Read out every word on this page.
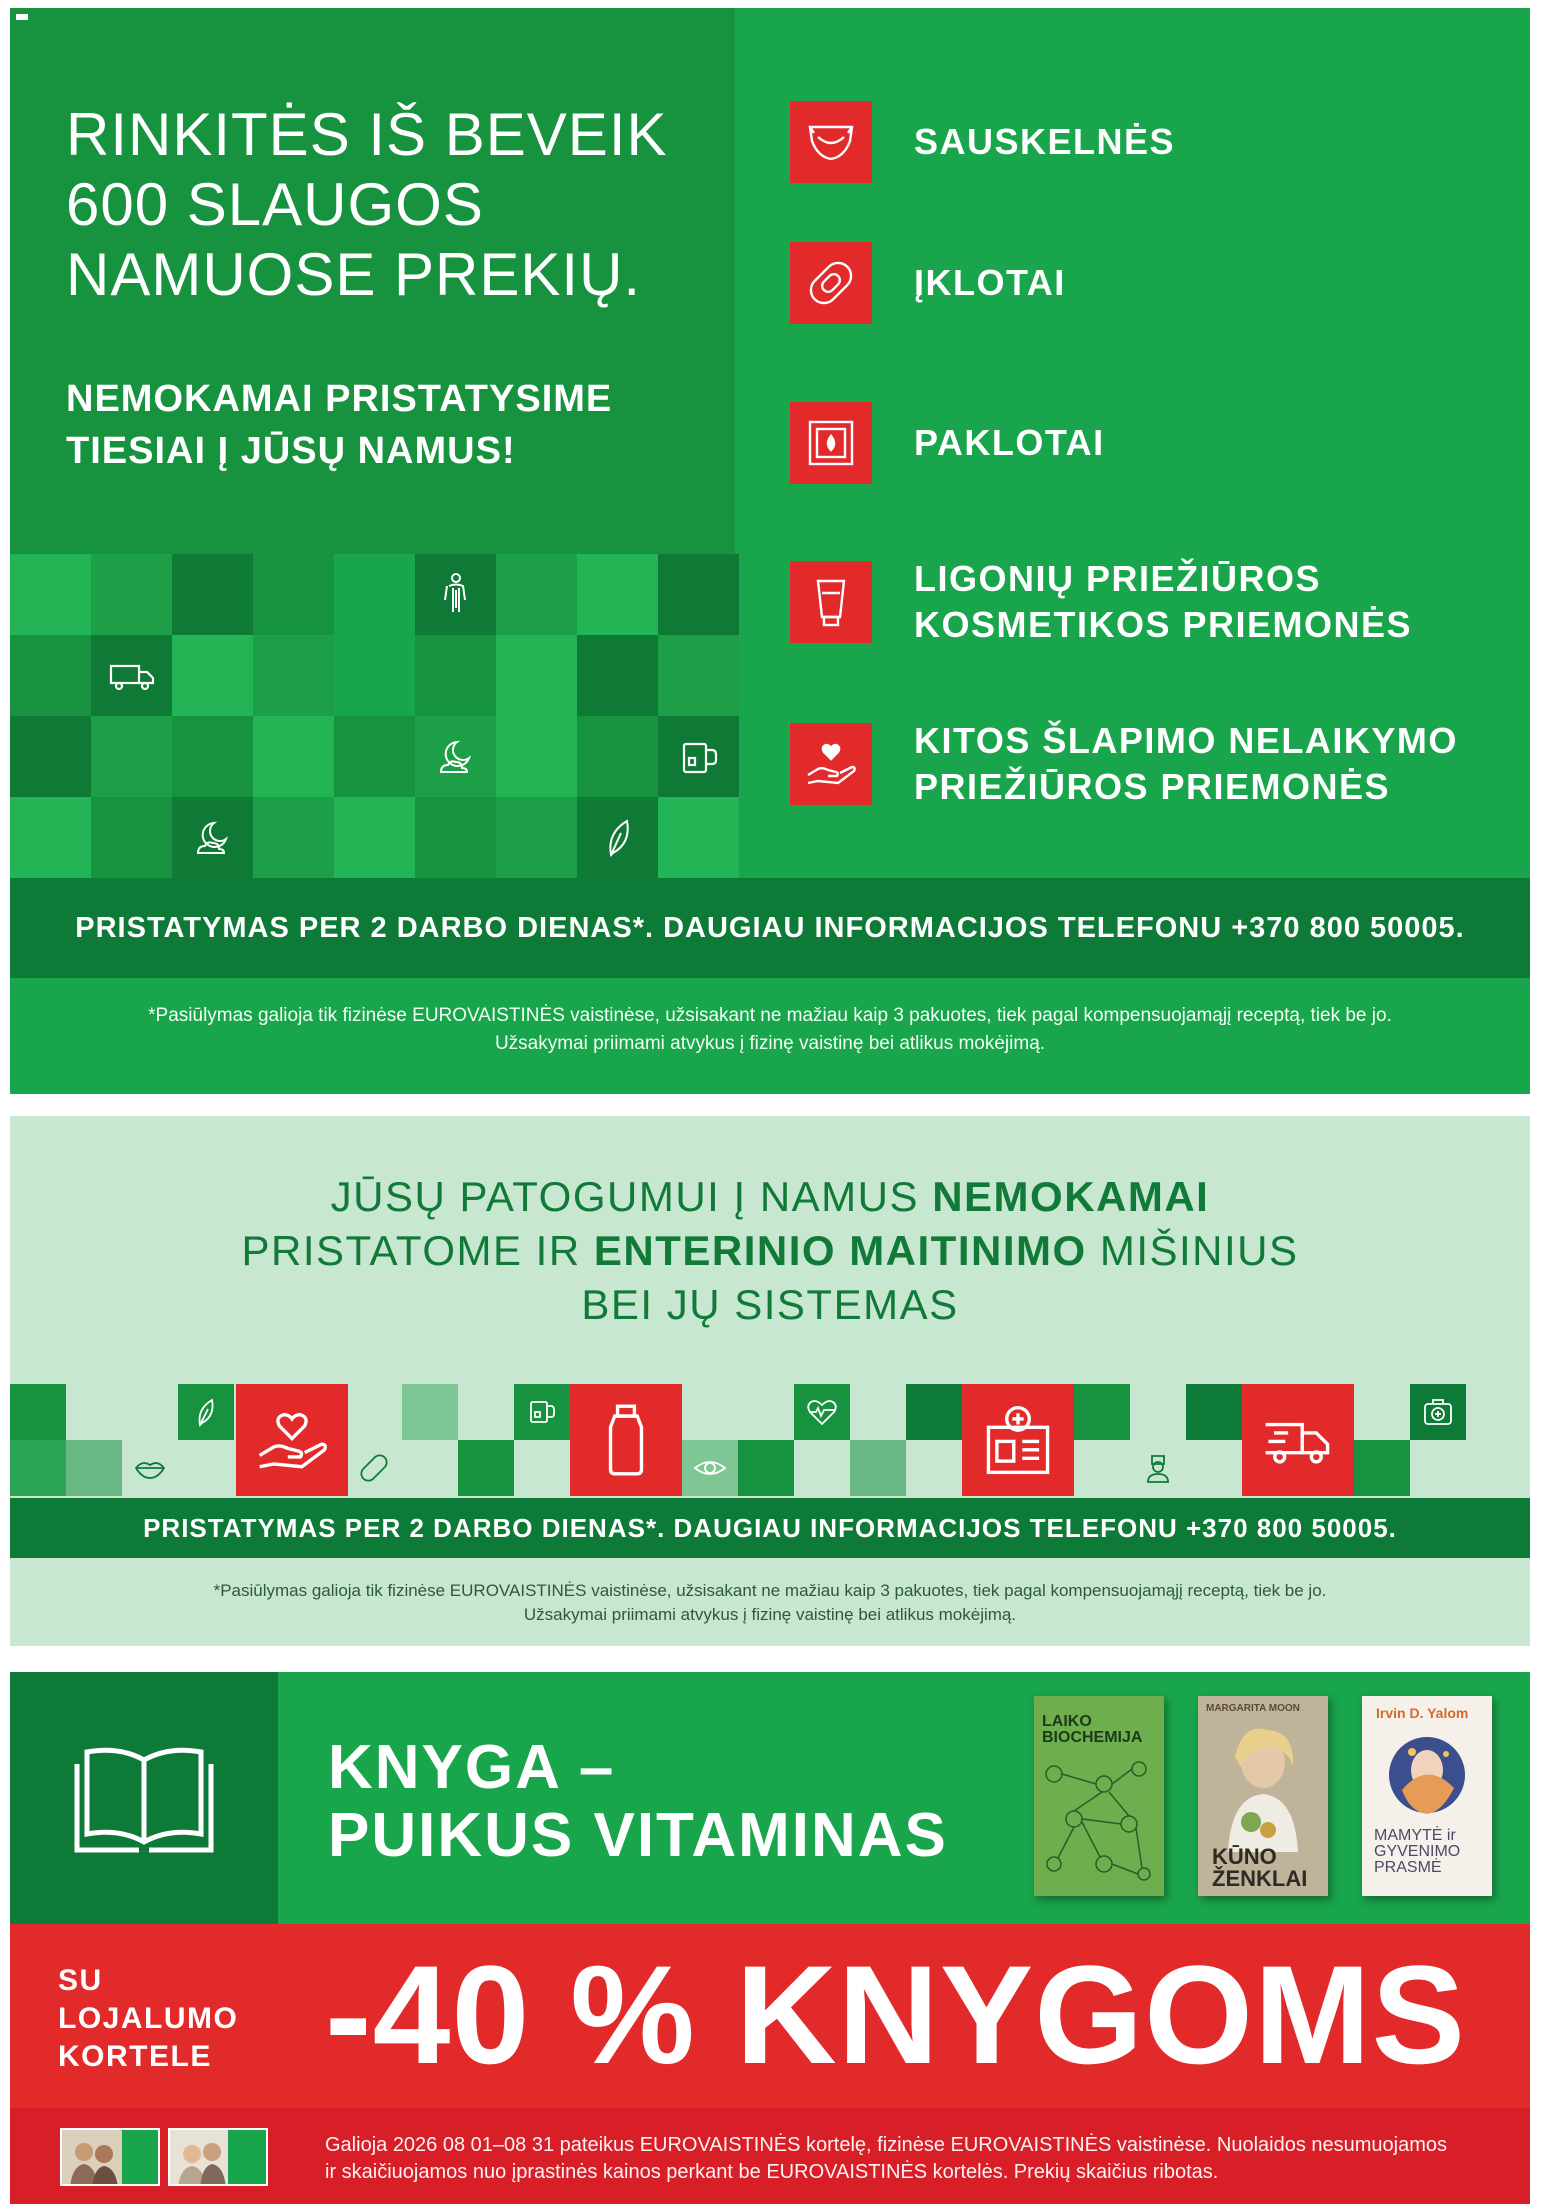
RINKITĖS IŠ BEVEIK
600 SLAUGOS
NAMUOSE PREKIŲ.
NEMOKAMAI PRISTATYSIME
TIESIAI Į JŪSŲ NAMUS!
SAUSKELNĖS
ĮKLOTAI
PAKLOTAI
LIGONIŲ PRIEŽIŪROS
KOSMETIKOS PRIEMONĖS
KITOS ŠLAPIMO NELAIKYMO
PRIEŽIŪROS PRIEMONĖS
PRISTATYMAS PER 2 DARBO DIENAS*. DAUGIAU INFORMACIJOS TELEFONU +370 800 50005.
*Pasiūlymas galioja tik fizinėse EUROVAISTINĖS vaistinėse, užsisakant ne mažiau kaip 3 pakuotes, tiek pagal kompensuojamąjį receptą, tiek be jo.
Užsakymai priimami atvykus į fizinę vaistinę bei atlikus mokėjimą.
JŪSŲ PATOGUMUI Į NAMUS NEMOKAMAI
PRISTATOME IR ENTERINIO MAITINIMO MIŠINIUS
BEI JŲ SISTEMAS
PRISTATYMAS PER 2 DARBO DIENAS*. DAUGIAU INFORMACIJOS TELEFONU +370 800 50005.
*Pasiūlymas galioja tik fizinėse EUROVAISTINĖS vaistinėse, užsisakant ne mažiau kaip 3 pakuotes, tiek pagal kompensuojamąjį receptą, tiek be jo.
Užsakymai priimami atvykus į fizinę vaistinę bei atlikus mokėjimą.
KNYGA –
PUIKUS VITAMINAS
LAIKO
BIOCHEMIJA
MARGARITA MOON
KŪNO
ŽENKLAI
Irvin D. Yalom
MAMYTĖ ir
GYVENIMO
PRASMĖ
SU
LOJALUMO
KORTELE -40 % KNYGOMS
Galioja 2026 08 01–08 31 pateikus EUROVAISTINĖS kortelę, fizinėse EUROVAISTINĖS vaistinėse. Nuolaidos nesumuojamos
ir skaičiuojamos nuo įprastinės kainos perkant be EUROVAISTINĖS kortelės. Prekių skaičius ribotas.
